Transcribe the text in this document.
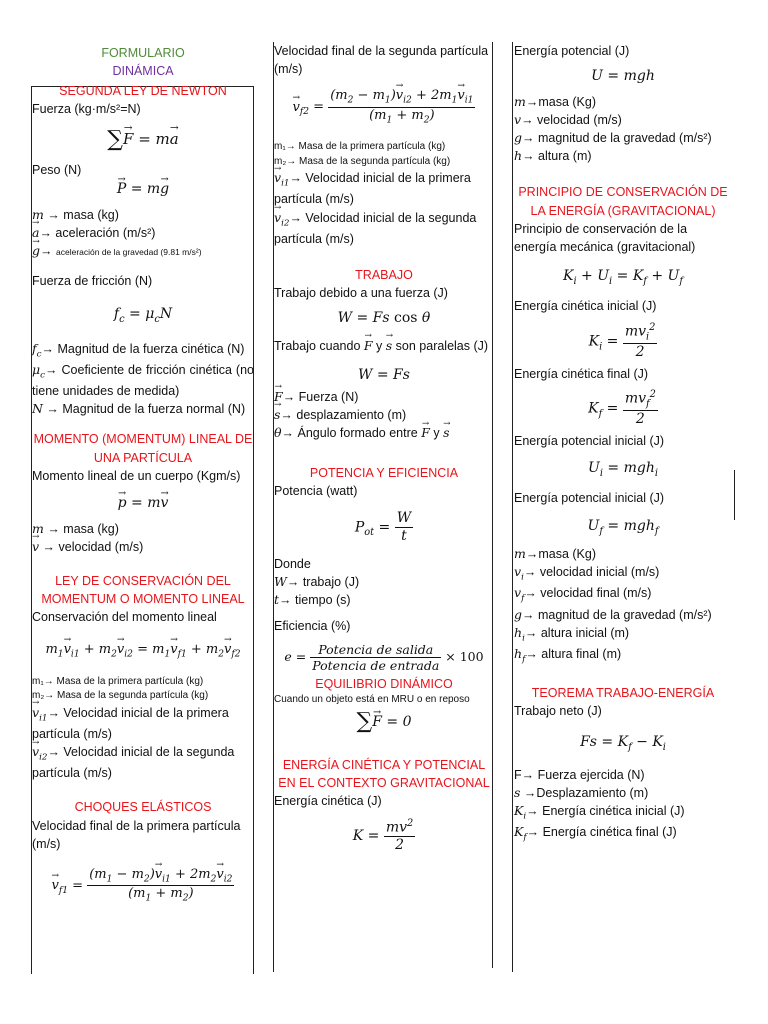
FORMULARIO
DINÁMICA
SEGUNDA LEY DE NEWTON
Fuerza (kg·m/s²=N)
∑→ F = m→ a
Peso (N)
→ P = m→ g
m → masa (kg)
→ a→ aceleración (m/s²)
→ g→ aceleración de la gravedad (9.81 m/s²)
Fuerza de fricción (N)
$f_c = \mu_cN$
$f_c\to$ Magnitud de la fuerza cinética (N)
$\mu_c\to$ Coeficiente de fricción cinética (no tiene unidades de medida)
N → Magnitud de la fuerza normal (N)
MOMENTO (MOMENTUM) LINEAL DE UNA PARTÍCULA
Momento lineal de un cuerpo (Kgm/s)
→ p = m→ v
m → masa (kg)
→ v → velocidad (m/s)
LEY DE CONSERVACIÓN DEL MOMENTUM O MOMENTO LINEAL
Conservación del momento lineal
$m_1\to v_{i1} + m_2\to v_{i2} = m_1\to v_{f1} + m_2\to v_{f2}$
m₁→ Masa de la primera partícula (kg)
m₂→ Masa de la segunda partícula (kg)
→ $v_{i1}\to$ Velocidad inicial de la primera partícula (m/s)
→ $v_{i2}\to$ Velocidad inicial de la segunda partícula (m/s)
CHOQUES ELÁSTICOS
Velocidad final de la primera partícula (m/s)
→ $v_{f1} = \frac{(m_1 - m_2)\to v_{i1} + 2m_2\to v_{i2}}{(m_1 + m_2)}$
Velocidad final de la segunda partícula (m/s)
→ $v_{f2} = \frac{(m_2 - m_1)\to v_{i2} + 2m_1\to v_{i1}}{(m_1 + m_2)}$
m₁→ Masa de la primera partícula (kg)
m₂→ Masa de la segunda partícula (kg)
→ $v_{i1}\to$ Velocidad inicial de la primera partícula (m/s)
→ $v_{i2}\to$ Velocidad inicial de la segunda partícula (m/s)
TRABAJO
Trabajo debido a una fuerza (J)
W = Fs cos θ
Trabajo cuando → F y → s son paralelas (J)
W = Fs
→ F→ Fuerza (N)
→ s→ desplazamiento (m)
θ→ Ángulo formado entre → F y → s
POTENCIA Y EFICIENCIA
Potencia (watt)
$P_{ot} = \frac{W}{t}$
Donde
W→ trabajo (J)
t→ tiempo (s)
Eficiencia (%)
$e = \frac{\text{Potencia de salida}}{\text{Potencia de entrada}} \times 100$
EQUILIBRIO DINÁMICO
Cuando un objeto está en MRU o en reposo
∑→ F = 0
ENERGÍA CINÉTICA Y POTENCIAL EN EL CONTEXTO GRAVITACIONAL
Energía cinética (J)
$K = \frac{mv^2}{2}$
Energía potencial (J)
U = mgh
m→masa (Kg)
v→ velocidad (m/s)
g→ magnitud de la gravedad (m/s²)
h→ altura (m)
PRINCIPIO DE CONSERVACIÓN DE LA ENERGÍA (GRAVITACIONAL)
Principio de conservación de la energía mecánica (gravitacional)
$K_i + U_i = K_f + U_f$
Energía cinética inicial (J)
$K_i = \frac{mv_i^2}{2}$
Energía cinética final (J)
$K_f = \frac{mv_f^2}{2}$
Energía potencial inicial (J)
$U_i = mgh_i$
Energía potencial inicial (J)
$U_f = mgh_f$
m→masa (Kg)
$v_i\to$ velocidad inicial (m/s)
$v_f\to$ velocidad final (m/s)
g→ magnitud de la gravedad (m/s²)
$h_i\to$ altura inicial (m)
$h_f\to$ altura final (m)
TEOREMA TRABAJO-ENERGÍA
Trabajo neto (J)
$Fs = K_f - K_i$
F→ Fuerza ejercida (N)
s →Desplazamiento (m)
$K_i\to$ Energía cinética inicial (J)
$K_f\to$ Energía cinética final (J)
